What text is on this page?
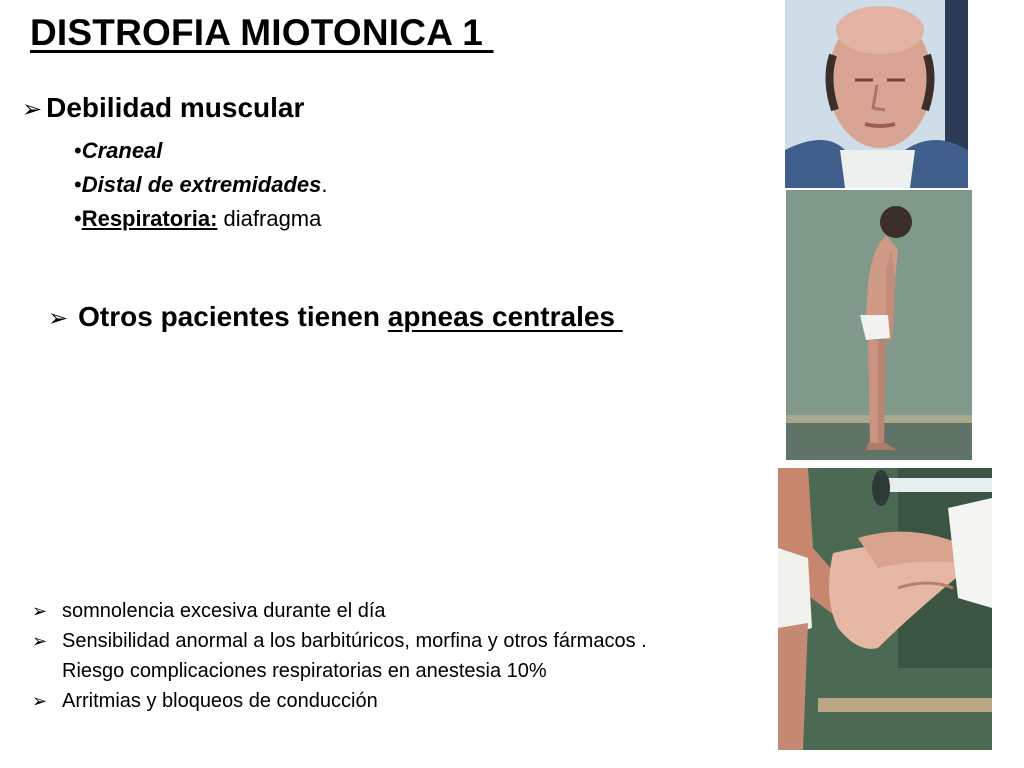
DISTROFIA MIOTONICA 1
➢ Debilidad muscular
•Craneal
•Distal de extremidades.
•Respiratoria: diafragma
➢ Otros pacientes tienen apneas centrales
➢ somnolencia excesiva durante el día
➢ Sensibilidad anormal a los barbitúricos, morfina y otros fármacos . Riesgo complicaciones respiratorias en anestesia 10%
➢ Arritmias y bloqueos de conducción
